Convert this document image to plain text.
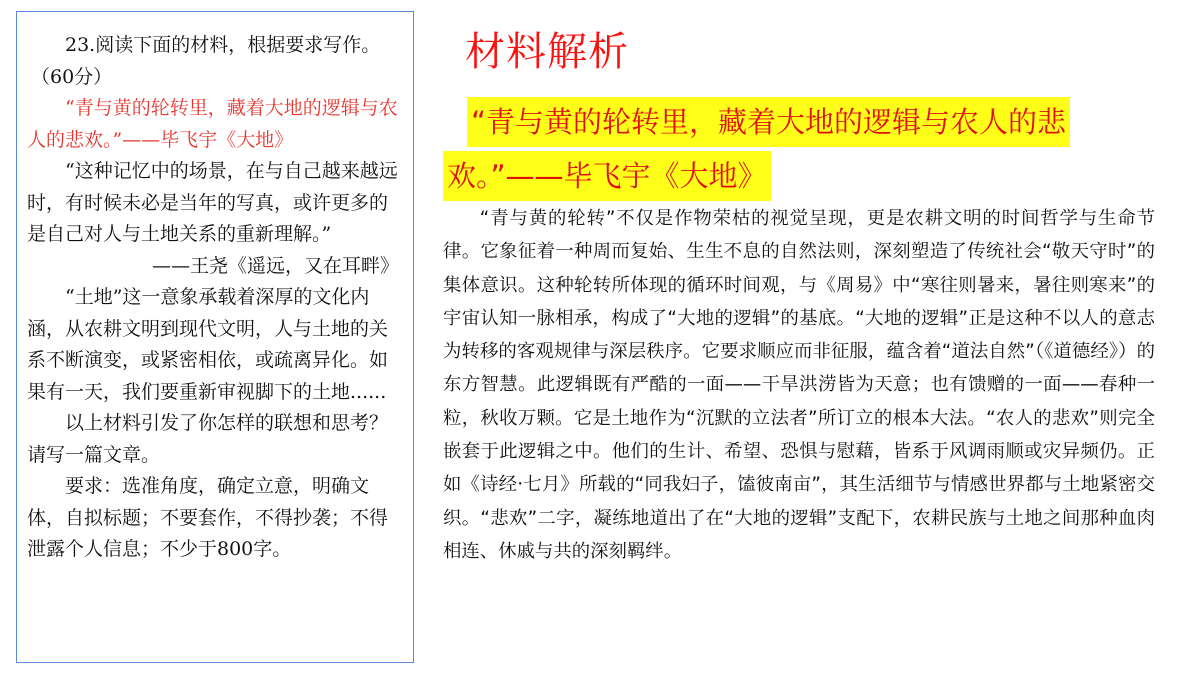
23.阅读下面的材料，根据要求写作。

（60分）

“青与黄的轮转里，藏着大地的逻辑与农人的悲欢。”——毕飞宇《大地》

“这种记忆中的场景，在与自己越来越远时，有时候未必是当年的写真，或许更多的是自己对人与土地关系的重新理解。”

——王尧《遥远，又在耳畔》

“土地”这一意象承载着深厚的文化内涵，从农耕文明到现代文明，人与土地的关系不断演变，或紧密相依，或疏离异化。如果有一天，我们要重新审视脚下的土地......

以上材料引发了你怎样的联想和思考？请写一篇文章。

要求：选准角度，确定立意，明确文体，自拟标题；不要套作，不得抄袭；不得泄露个人信息；不少于800字。

材料解析
“青与黄的轮转里，藏着大地的逻辑与农人的悲
欢。”——毕飞宇《大地》
“青与黄的轮转”不仅是作物荣枯的视觉呈现，更是农耕文明的时间哲学与生命节律。它象征着一种周而复始、生生不息的自然法则，深刻塑造了传统社会“敬天守时”的集体意识。这种轮转所体现的循环时间观，与《周易》中“寒往则暑来，暑往则寒来”的宇宙认知一脉相承，构成了“大地的逻辑”的基底。“大地的逻辑”正是这种不以人的意志为转移的客观规律与深层秩序。它要求顺应而非征服，蕴含着“道法自然”（《道德经》）的东方智慧。此逻辑既有严酷的一面——干旱洪涝皆为天意；也有馈赠的一面——春种一粒，秋收万颗。它是土地作为“沉默的立法者”所订立的根本大法。“农人的悲欢”则完全嵌套于此逻辑之中。他们的生计、希望、恐惧与慰藉，皆系于风调雨顺或灾异频仍。正如《诗经·七月》所载的“同我妇子，馌彼南亩”，其生活细节与情感世界都与土地紧密交织。“悲欢”二字，凝练地道出了在“大地的逻辑”支配下，农耕民族与土地之间那种血肉相连、休戚与共的深刻羁绊。
